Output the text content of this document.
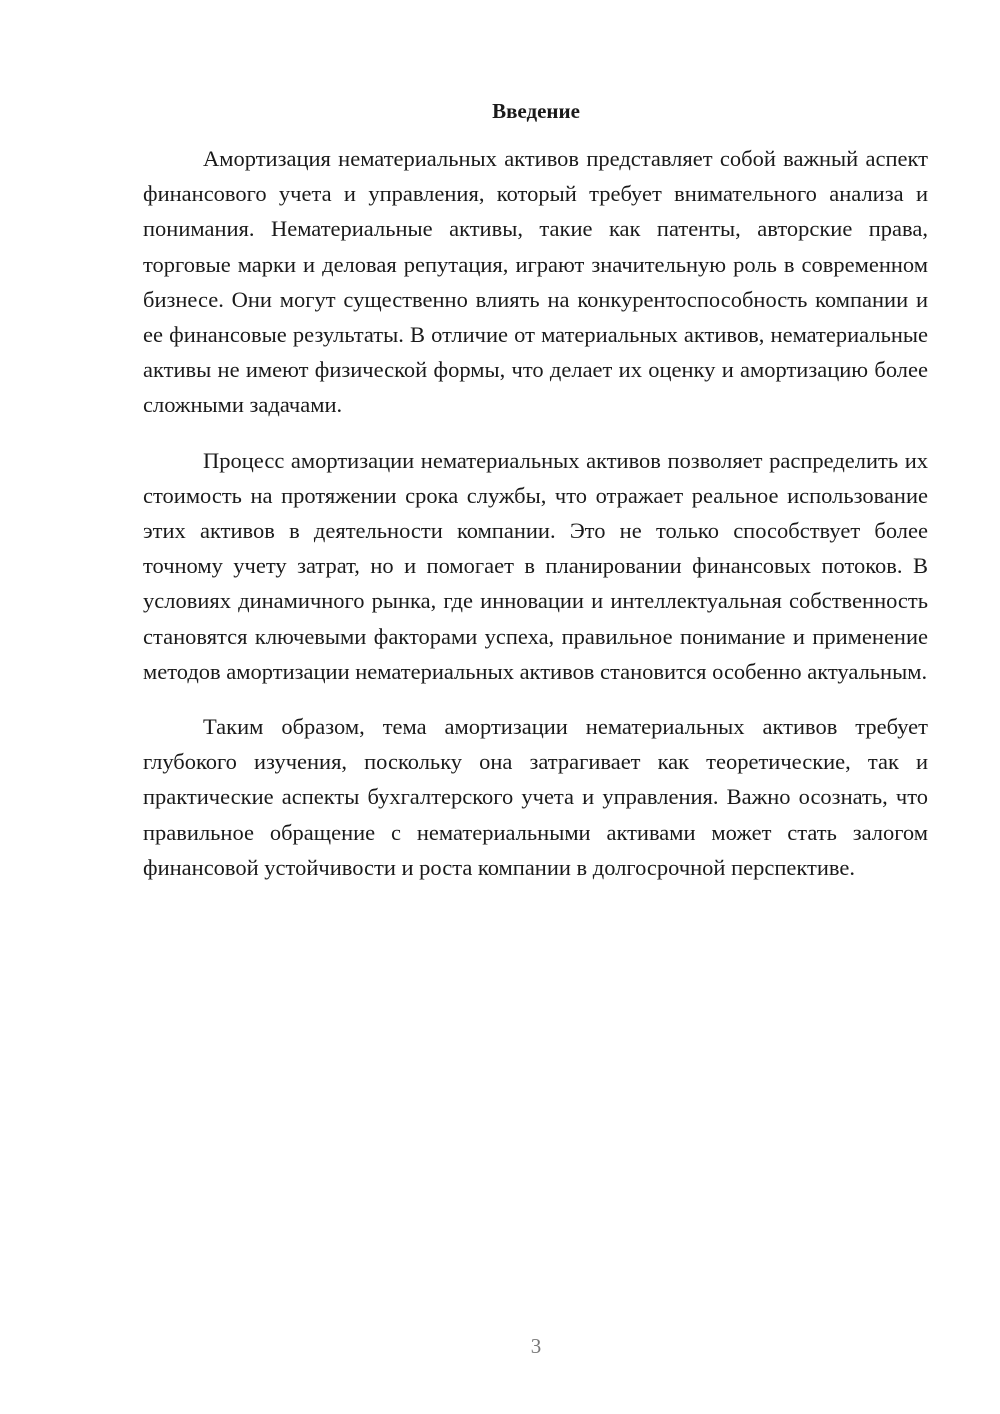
Введение

Амортизация нематериальных активов представляет собой важный аспект финансового учета и управления, который требует внимательного анализа и понимания. Нематериальные активы, такие как патенты, авторские права, торговые марки и деловая репутация, играют значительную роль в современном бизнесе. Они могут существенно влиять на конкурентоспособность компании и ее финансовые результаты. В отличие от материальных активов, нематериальные активы не имеют физической формы, что делает их оценку и амортизацию более сложными задачами.

Процесс амортизации нематериальных активов позволяет распределить их стоимость на протяжении срока службы, что отражает реальное использование этих активов в деятельности компании. Это не только способствует более точному учету затрат, но и помогает в планировании финансовых потоков. В условиях динамичного рынка, где инновации и интеллектуальная собственность становятся ключевыми факторами успеха, правильное понимание и применение методов амортизации нематериальных активов становится особенно актуальным.

Таким образом, тема амортизации нематериальных активов требует глубокого изучения, поскольку она затрагивает как теоретические, так и практические аспекты бухгалтерского учета и управления. Важно осознать, что правильное обращение с нематериальными активами может стать залогом финансовой устойчивости и роста компании в долгосрочной перспективе.

3
